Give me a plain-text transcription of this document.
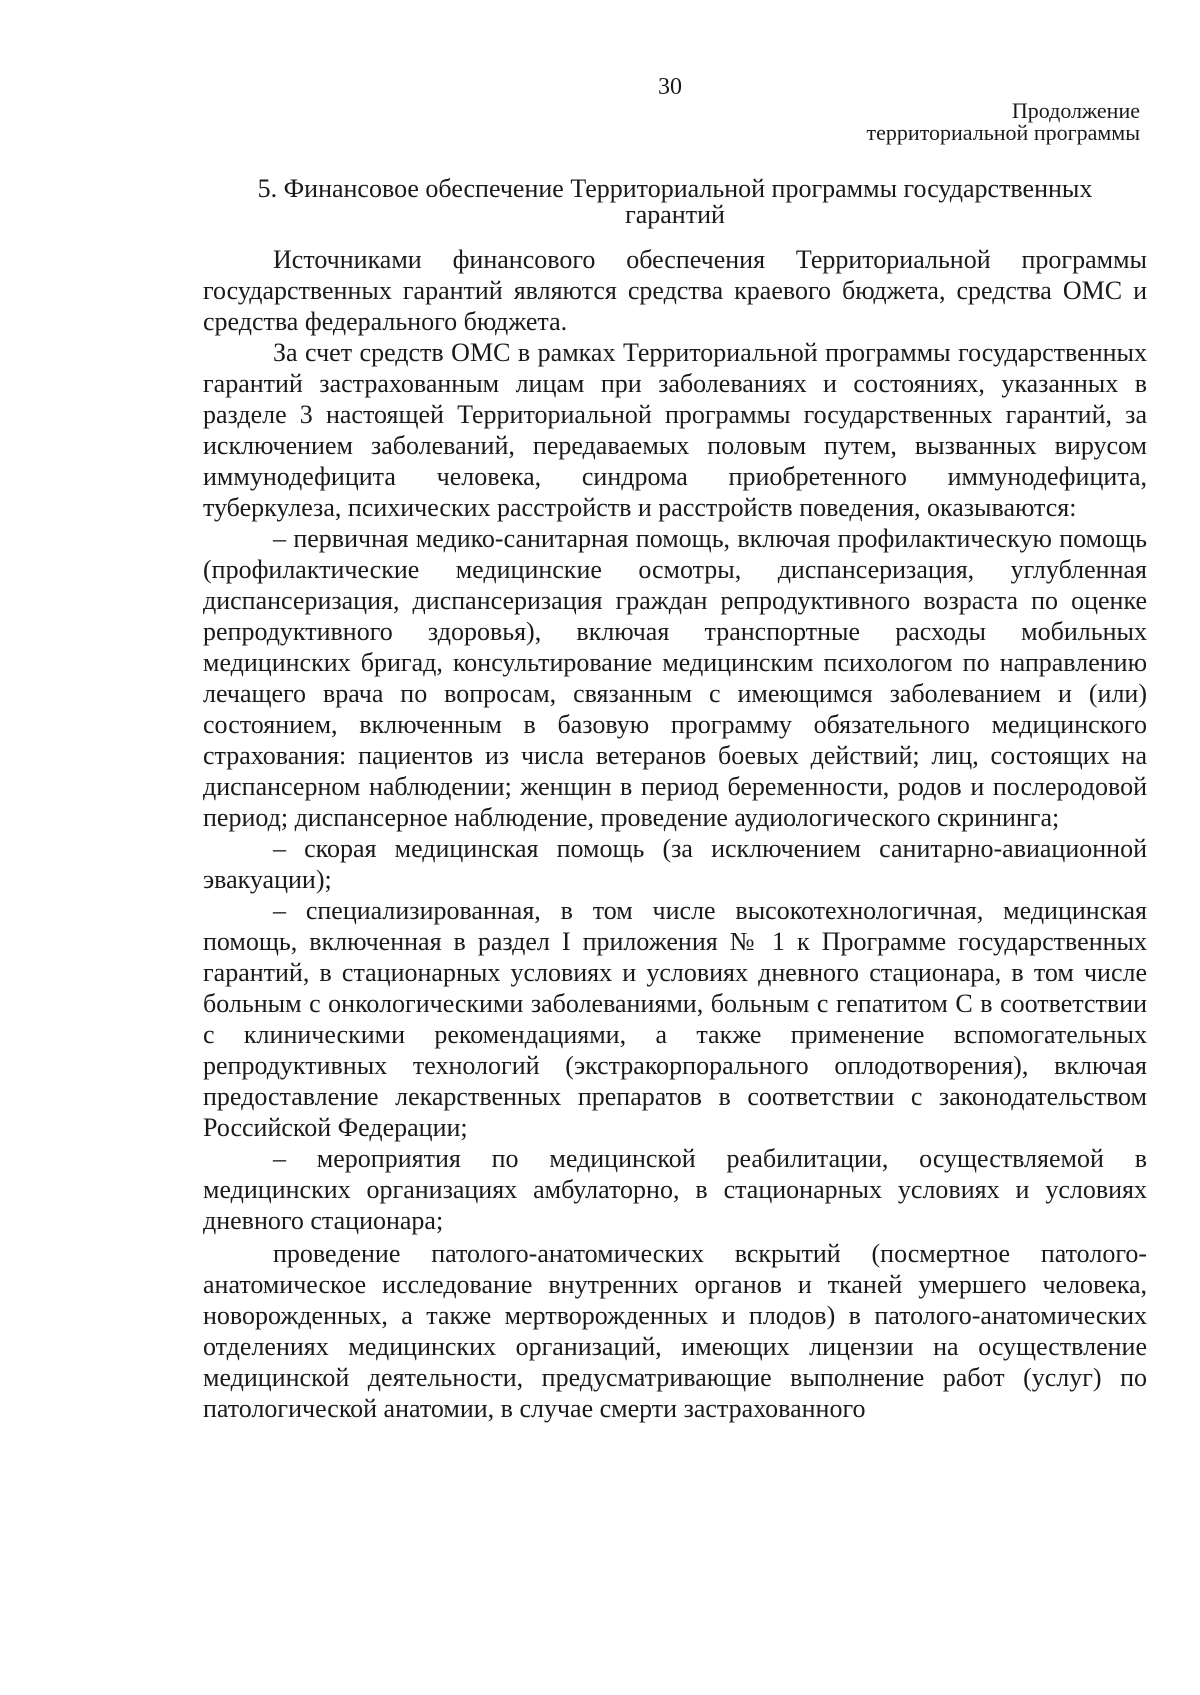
30
Продолжение
территориальной программы
5. Финансовое обеспечение Территориальной программы государственных
гарантий

Источниками финансового обеспечения Территориальной программы государственных гарантий являются средства краевого бюджета, средства ОМС и средства федерального бюджета.

За счет средств ОМС в рамках Территориальной программы государственных гарантий застрахованным лицам при заболеваниях и состояниях, указанных в разделе 3 настоящей Территориальной программы государственных гарантий, за исключением заболеваний, передаваемых половым путем, вызванных вирусом иммунодефицита человека, синдрома приобретенного иммунодефицита, туберкулеза, психических расстройств и расстройств поведения, оказываются:

– первичная медико-санитарная помощь, включая профилактическую помощь (профилактические медицинские осмотры, диспансеризация, углубленная диспансеризация, диспансеризация граждан репродуктивного возраста по оценке репродуктивного здоровья), включая транспортные расходы мобильных медицинских бригад, консультирование медицинским психологом по направлению лечащего врача по вопросам, связанным с имеющимся заболеванием и (или) состоянием, включенным в базовую программу обязательного медицинского страхования: пациентов из числа ветеранов боевых действий; лиц, состоящих на диспансерном наблюдении; женщин в период беременности, родов и послеродовой период; диспансерное наблюдение, проведение аудиологического скрининга;

– скорая медицинская помощь (за исключением санитарно-авиационной эвакуации);

– специализированная, в том числе высокотехнологичная, медицинская помощь, включенная в раздел I приложения № 1 к Программе государственных гарантий, в стационарных условиях и условиях дневного стационара, в том числе больным с онкологическими заболеваниями, больным с гепатитом С в соответствии с клиническими рекомендациями, а также применение вспомогательных репродуктивных технологий (экстракорпорального оплодотворения), включая предоставление лекарственных препаратов в соответствии с законодательством Российской Федерации;

– мероприятия по медицинской реабилитации, осуществляемой в медицинских организациях амбулаторно, в стационарных условиях и условиях дневного стационара;

проведение патолого-анатомических вскрытий (посмертное патолого-анатомическое исследование внутренних органов и тканей умершего человека, новорожденных, а также мертворожденных и плодов) в патолого-анатомических отделениях медицинских организаций, имеющих лицензии на осуществление медицинской деятельности, предусматривающие выполнение работ (услуг) по патологической анатомии, в случае смерти застрахованного
